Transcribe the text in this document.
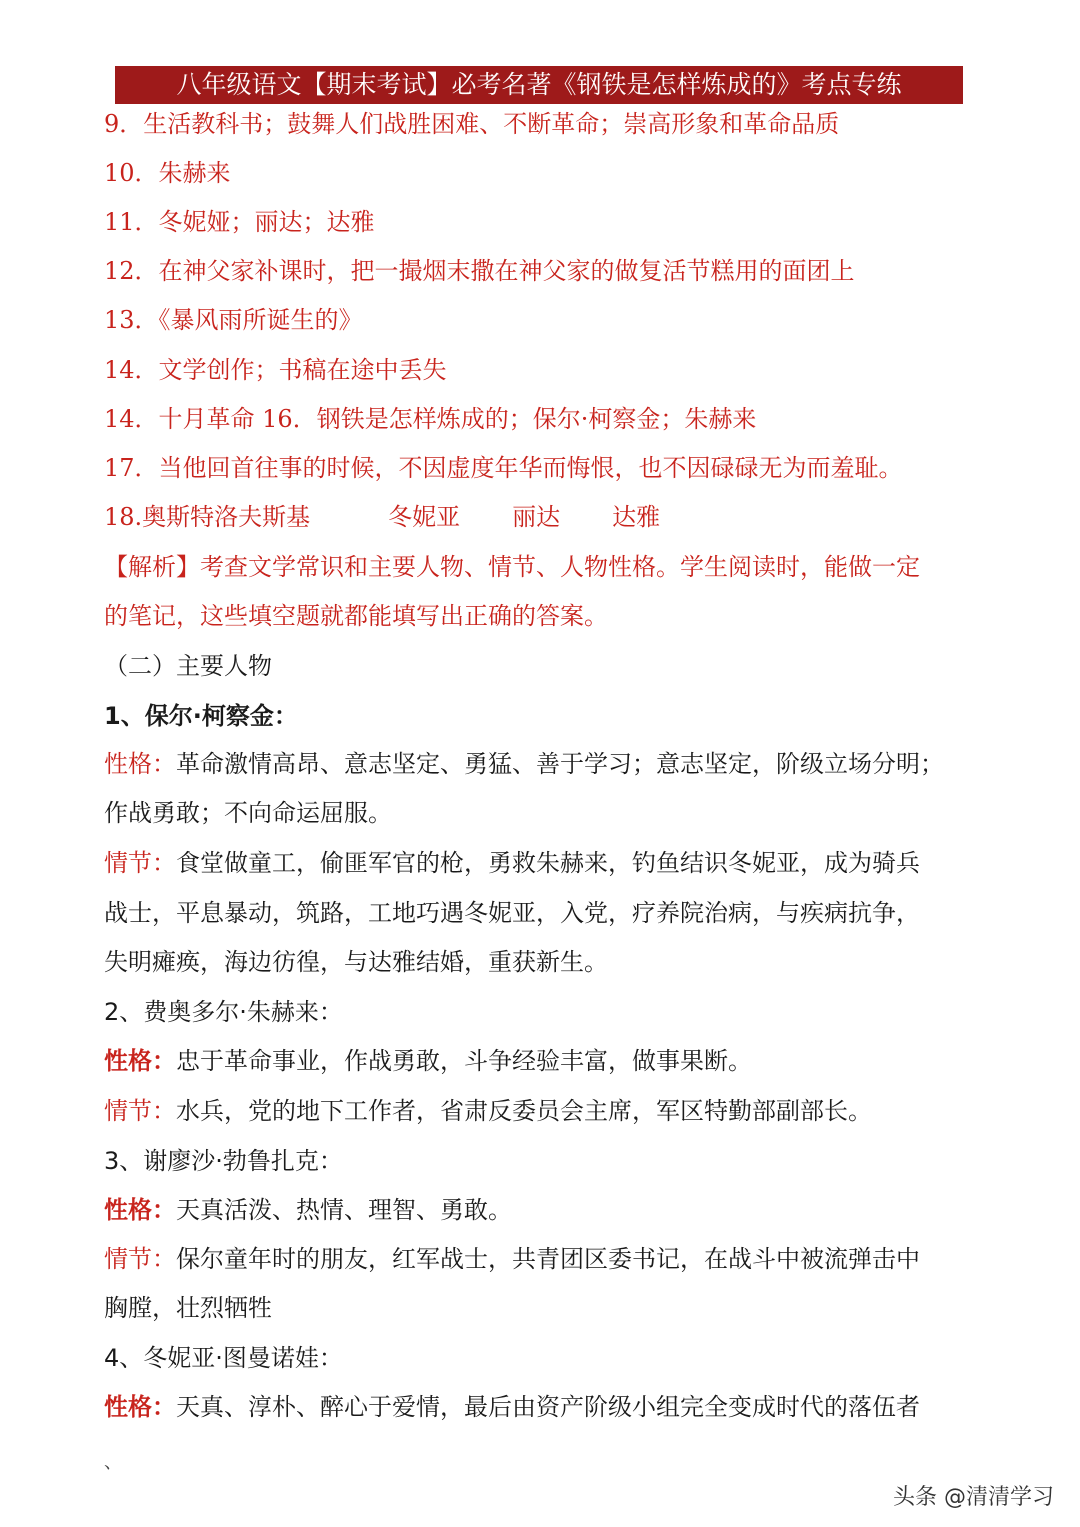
八年级语文【期末考试】必考名著《钢铁是怎样炼成的》考点专练
9．生活教科书；鼓舞人们战胜困难、不断革命；崇高形象和革命品质
10．朱赫来
11．冬妮娅；丽达；达雅
12．在神父家补课时，把一撮烟末撒在神父家的做复活节糕用的面团上
13．《暴风雨所诞生的》
14．文学创作；书稿在途中丢失
14．十月革命 16．钢铁是怎样炼成的；保尔·柯察金；朱赫来
17．当他回首往事的时候，不因虚度年华而悔恨，也不因碌碌无为而羞耻。
18.奥斯特洛夫斯基	冬妮亚 丽达 达雅
【解析】考查文学常识和主要人物、情节、人物性格。学生阅读时，能做一定
的笔记，这些填空题就都能填写出正确的答案。
（二）主要人物
1、保尔·柯察金：
性格：革命激情高昂、意志坚定、勇猛、善于学习；意志坚定，阶级立场分明；
作战勇敢；不向命运屈服。
情节：食堂做童工，偷匪军官的枪，勇救朱赫来，钓鱼结识冬妮亚，成为骑兵
战士，平息暴动，筑路，工地巧遇冬妮亚，入党，疗养院治病，与疾病抗争，
失明瘫痪，海边彷徨，与达雅结婚，重获新生。
2、费奥多尔·朱赫来：
性格：忠于革命事业，作战勇敢，斗争经验丰富，做事果断。
情节：水兵，党的地下工作者，省肃反委员会主席，军区特勤部副部长。
3、谢廖沙·勃鲁扎克：
性格：天真活泼、热情、理智、勇敢。
情节：保尔童年时的朋友，红军战士，共青团区委书记，在战斗中被流弹击中
胸膛，壮烈牺牲
4、冬妮亚·图曼诺娃：
性格：天真、淳朴、醉心于爱情，最后由资产阶级小组完全变成时代的落伍者
、
头条 @清清学习
